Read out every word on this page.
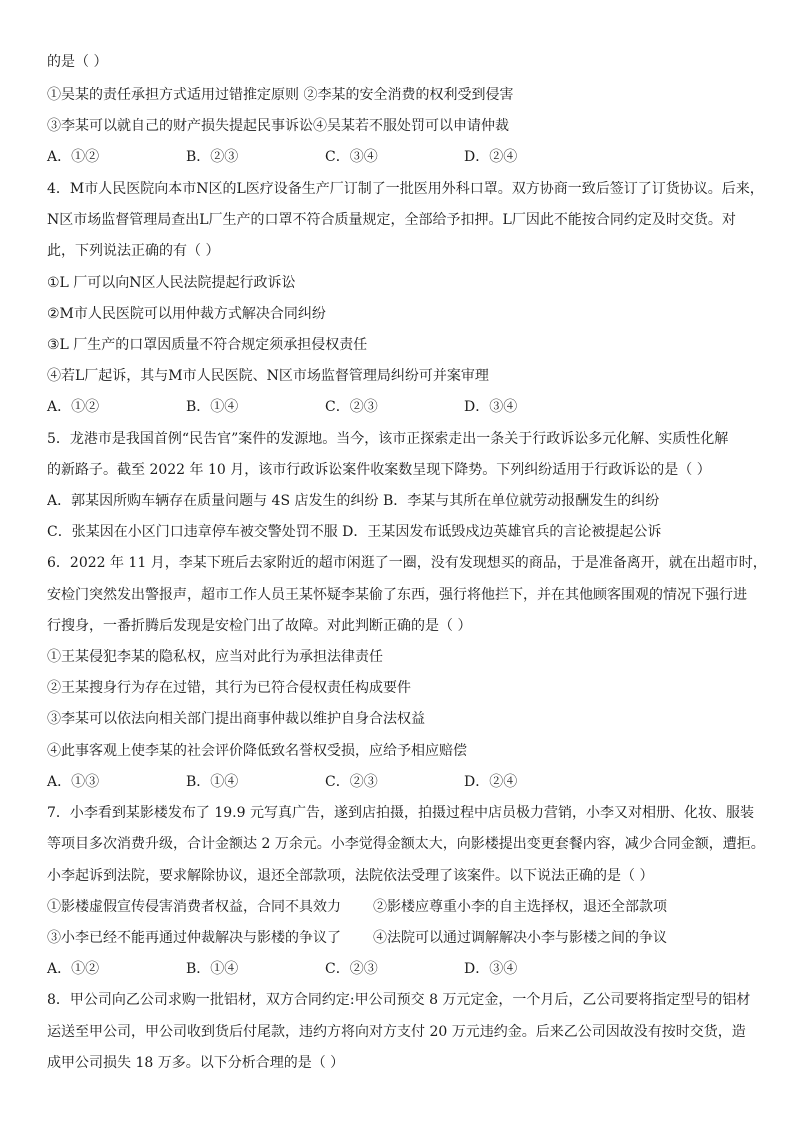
的是（ ）
①吴某的责任承担方式适用过错推定原则 ②李某的安全消费的权利受到侵害
③李某可以就自己的财产损失提起民事诉讼④吴某若不服处罚可以申请仲裁
A．①②	B．②③	C．③④	D．②④
4．M市人民医院向本市N区的L医疗设备生产厂订制了一批医用外科口罩。双方协商一致后签订了订货协议。后来，
N区市场监督管理局查出L厂生产的口罩不符合质量规定，全部给予扣押。L厂因此不能按合同约定及时交货。对
此，下列说法正确的有（ ）
①L 厂可以向N区人民法院提起行政诉讼
②M市人民医院可以用仲裁方式解决合同纠纷
③L 厂生产的口罩因质量不符合规定须承担侵权责任
④若L厂起诉，其与M市人民医院、N区市场监督管理局纠纷可并案审理
A．①②	B．①④	C．②③	D．③④
5．龙港市是我国首例“民告官”案件的发源地。当今，该市正探索走出一条关于行政诉讼多元化解、实质性化解
的新路子。截至 2022 年 10 月，该市行政诉讼案件收案数呈现下降势。下列纠纷适用于行政诉讼的是（ ）
A．郭某因所购车辆存在质量问题与 4S 店发生的纠纷 B．李某与其所在单位就劳动报酬发生的纠纷
C．张某因在小区门口违章停车被交警处罚不服 D．王某因发布诋毁戍边英雄官兵的言论被提起公诉
6．2022 年 11 月，李某下班后去家附近的超市闲逛了一圈，没有发现想买的商品，于是准备离开，就在出超市时，
安检门突然发出警报声，超市工作人员王某怀疑李某偷了东西，强行将他拦下，并在其他顾客围观的情况下强行进
行搜身，一番折腾后发现是安检门出了故障。对此判断正确的是（ ）
①王某侵犯李某的隐私权，应当对此行为承担法律责任
②王某搜身行为存在过错，其行为已符合侵权责任构成要件
③李某可以依法向相关部门提出商事仲裁以维护自身合法权益
④此事客观上使李某的社会评价降低致名誉权受损，应给予相应赔偿
A．①③	B．①④	C．②③	D．②④
7．小李看到某影楼发布了 19.9 元写真广告，遂到店拍摄，拍摄过程中店员极力营销，小李又对相册、化妆、服装
等项目多次消费升级，合计金额达 2 万余元。小李觉得金额太大，向影楼提出变更套餐内容，减少合同金额，遭拒。
小李起诉到法院，要求解除协议，退还全部款项，法院依法受理了该案件。以下说法正确的是（ ）
①影楼虚假宣传侵害消费者权益，合同不具效力 ②影楼应尊重小李的自主选择权，退还全部款项
③小李已经不能再通过仲裁解决与影楼的争议了 ④法院可以通过调解解决小李与影楼之间的争议
A．①②	B．①④	C．②③	D．③④
8．甲公司向乙公司求购一批铝材，双方合同约定:甲公司预交 8 万元定金，一个月后，乙公司要将指定型号的铝材
运送至甲公司，甲公司收到货后付尾款，违约方将向对方支付 20 万元违约金。后来乙公司因故没有按时交货，造
成甲公司损失 18 万多。以下分析合理的是（ ）
